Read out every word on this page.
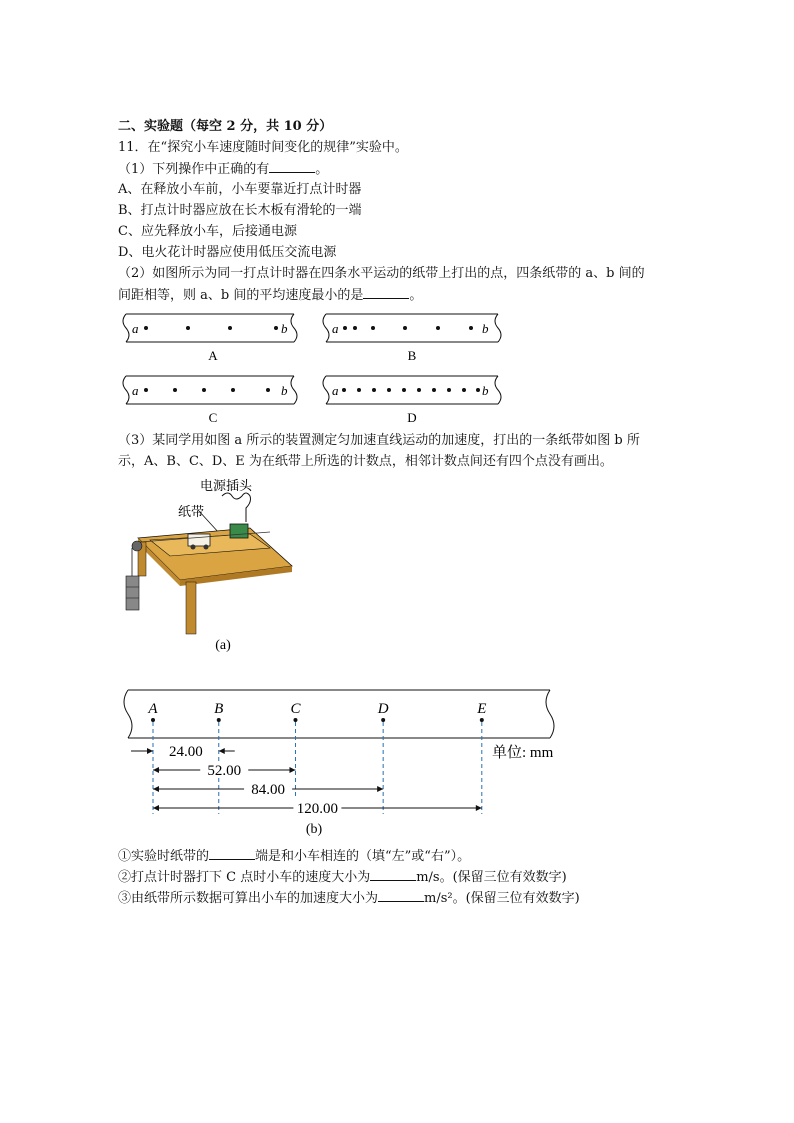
二、实验题（每空 2 分，共 10 分）
11．在“探究小车速度随时间变化的规律”实验中。
（1）下列操作中正确的有	。
A、在释放小车前，小车要靠近打点计时器
B、打点计时器应放在长木板有滑轮的一端
C、应先释放小车，后接通电源
D、电火花计时器应使用低压交流电源
（2）如图所示为同一打点计时器在四条水平运动的纸带上打出的点，四条纸带的 a、b 间的
间距相等，则 a、b 间的平均速度最小的是	。
a	b
A
a	b
B
a	b
C
a	b
D
（3）某同学用如图 a 所示的装置测定匀加速直线运动的加速度，打出的一条纸带如图 b 所
示，A、B、C、D、E 为在纸带上所选的计数点，相邻计数点间还有四个点没有画出。
电源插头
纸带
(a)
A	B	C	D	E
24.00
52.00
84.00
120.00
单位: mm
(b)
①实验时纸带的	端是和小车相连的（填“左”或“右”）。
②打点计时器打下 C 点时小车的速度大小为	m/s。(保留三位有效数字)
③由纸带所示数据可算出小车的加速度大小为	m/s²。(保留三位有效数字)
